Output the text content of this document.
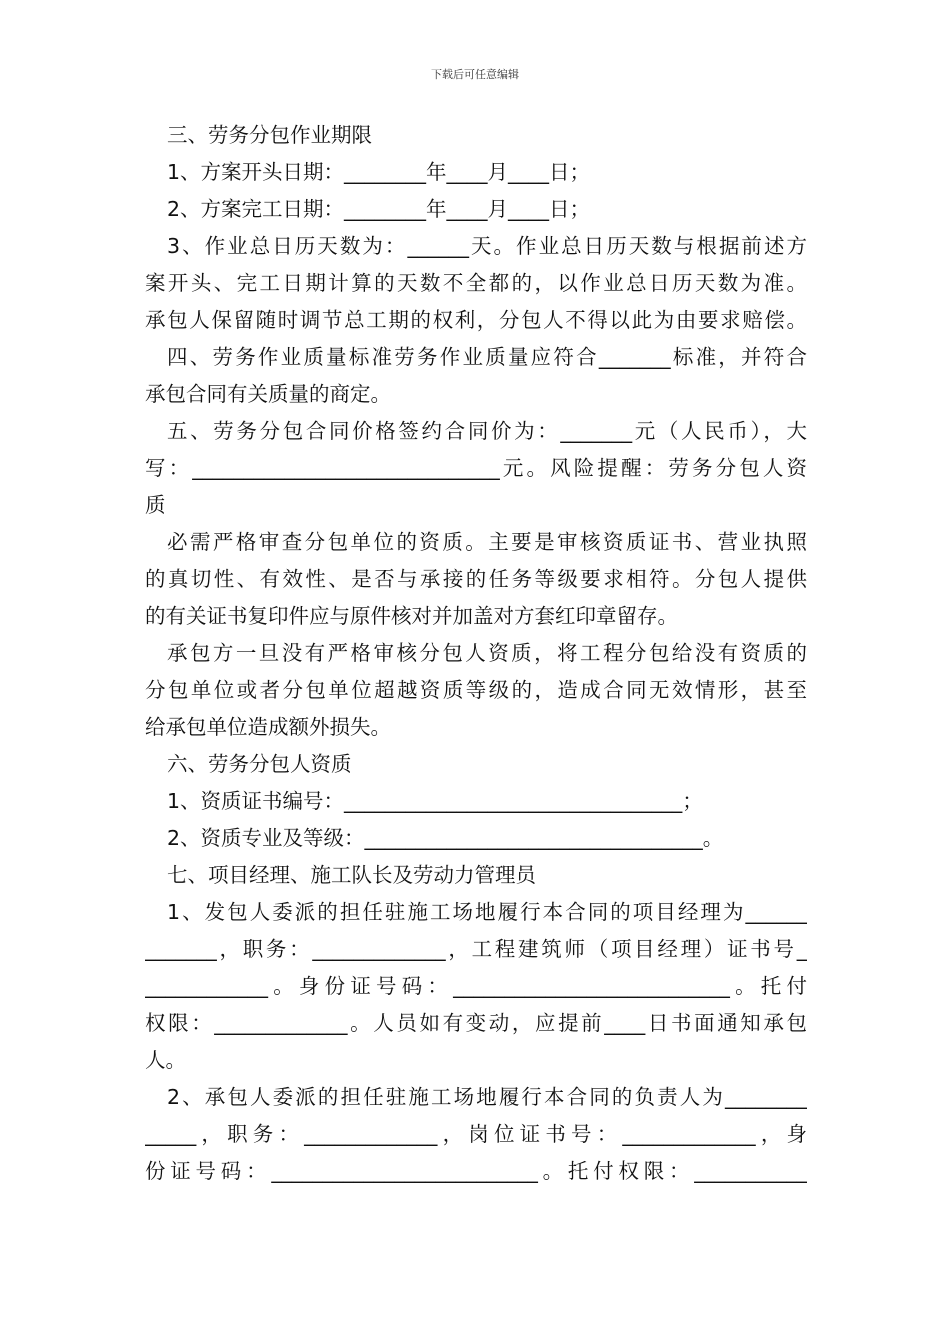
下载后可任意编辑
三、劳务分包作业期限
1、方案开头日期：________年____月____日；
2、方案完工日期：________年____月____日；
3、作业总日历天数为：______天。作业总日历天数与根据前述方
案开头、完工日期计算的天数不全都的，以作业总日历天数为准。
承包人保留随时调节总工期的权利，分包人不得以此为由要求赔偿。
四、劳务作业质量标准劳务作业质量应符合_______标准，并符合
承包合同有关质量的商定。
五、劳务分包合同价格签约合同价为：_______元（人民币），大
写：______________________________元。风险提醒：劳务分包人资
质
必需严格审查分包单位的资质。主要是审核资质证书、营业执照
的真切性、有效性、是否与承接的任务等级要求相符。分包人提供
的有关证书复印件应与原件核对并加盖对方套红印章留存。
承包方一旦没有严格审核分包人资质，将工程分包给没有资质的
分包单位或者分包单位超越资质等级的，造成合同无效情形，甚至
给承包单位造成额外损失。
六、劳务分包人资质
1、资质证书编号：_________________________________；
2、资质专业及等级：_________________________________。
七、项目经理、施工队长及劳动力管理员
1、发包人委派的担任驻施工场地履行本合同的项目经理为______
_______，职务：_____________，工程建筑师（项目经理）证书号_
____________。身份证号码：___________________________。托付
权限：_____________。人员如有变动，应提前____日书面通知承包
人。
2、承包人委派的担任驻施工场地履行本合同的负责人为________
_____，职务：_____________，岗位证书号：_____________，身
份证号码：__________________________。托付权限：___________
